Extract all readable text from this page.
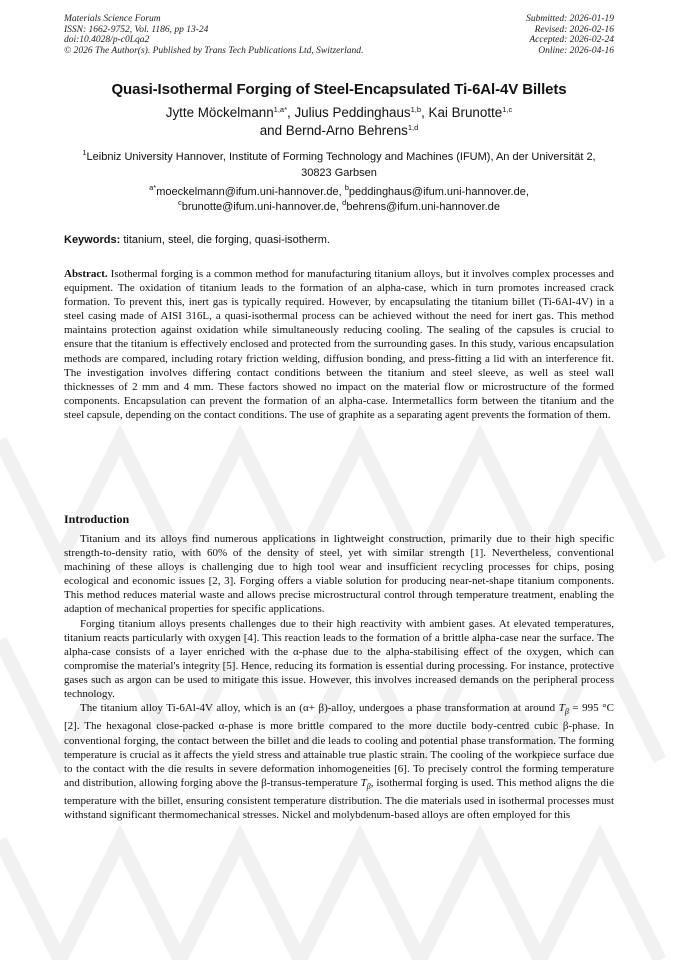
Materials Science Forum
ISSN: 1662-9752, Vol. 1186, pp 13-24
doi:10.4028/p-c0Lqa2
© 2026 The Author(s). Published by Trans Tech Publications Ltd, Switzerland.
Submitted: 2026-01-19
Revised: 2026-02-16
Accepted: 2026-02-24
Online: 2026-04-16
Quasi-Isothermal Forging of Steel-Encapsulated Ti-6Al-4V Billets
Jytte Möckelmann$^{1,a*}$, Julius Peddinghaus$^{1,b}$, Kai Brunotte$^{1,c}$
and Bernd-Arno Behrens$^{1,d}$
$^1$Leibniz University Hannover, Institute of Forming Technology and Machines (IFUM), An der Universität 2, 30823 Garbsen
$^{a*}$moeckelmann@ifum.uni-hannover.de, $^b$peddinghaus@ifum.uni-hannover.de,
$^c$brunotte@ifum.uni-hannover.de, $^d$behrens@ifum.uni-hannover.de
Keywords: titanium, steel, die forging, quasi-isotherm.
Abstract. Isothermal forging is a common method for manufacturing titanium alloys, but it involves complex processes and equipment. The oxidation of titanium leads to the formation of an alpha-case, which in turn promotes increased crack formation. To prevent this, inert gas is typically required. However, by encapsulating the titanium billet (Ti-6Al-4V) in a steel casing made of AISI 316L, a quasi-isothermal process can be achieved without the need for inert gas. This method maintains protection against oxidation while simultaneously reducing cooling. The sealing of the capsules is crucial to ensure that the titanium is effectively enclosed and protected from the surrounding gases. In this study, various encapsulation methods are compared, including rotary friction welding, diffusion bonding, and press-fitting a lid with an interference fit. The investigation involves differing contact conditions between the titanium and steel sleeve, as well as steel wall thicknesses of 2 mm and 4 mm. These factors showed no impact on the material flow or microstructure of the formed components. Encapsulation can prevent the formation of an alpha-case. Intermetallics form between the titanium and the steel capsule, depending on the contact conditions. The use of graphite as a separating agent prevents the formation of them.
Introduction

Titanium and its alloys find numerous applications in lightweight construction, primarily due to their high specific strength-to-density ratio, with 60% of the density of steel, yet with similar strength [1]. Nevertheless, conventional machining of these alloys is challenging due to high tool wear and insufficient recycling processes for chips, posing ecological and economic issues [2, 3]. Forging offers a viable solution for producing near-net-shape titanium components. This method reduces material waste and allows precise microstructural control through temperature treatment, enabling the adaption of mechanical properties for specific applications.

Forging titanium alloys presents challenges due to their high reactivity with ambient gases. At elevated temperatures, titanium reacts particularly with oxygen [4]. This reaction leads to the formation of a brittle alpha-case near the surface. The alpha-case consists of a layer enriched with the α-phase due to the alpha-stabilising effect of the oxygen, which can compromise the material's integrity [5]. Hence, reducing its formation is essential during processing. For instance, protective gases such as argon can be used to mitigate this issue. However, this involves increased demands on the peripheral process technology.

The titanium alloy Ti-6Al-4V alloy, which is an (α+ β)-alloy, undergoes a phase transformation at around $T_\beta = 995$ °C [2]. The hexagonal close-packed α-phase is more brittle compared to the more ductile body-centred cubic β-phase. In conventional forging, the contact between the billet and die leads to cooling and potential phase transformation. The forming temperature is crucial as it affects the yield stress and attainable true plastic strain. The cooling of the workpiece surface due to the contact with the die results in severe deformation inhomogeneities [6]. To precisely control the forming temperature and distribution, allowing forging above the β-transus-temperature $T_\beta$, isothermal forging is used. This method aligns the die temperature with the billet, ensuring consistent temperature distribution. The die materials used in isothermal processes must withstand significant thermomechanical stresses. Nickel and molybdenum-based alloys are often employed for this
